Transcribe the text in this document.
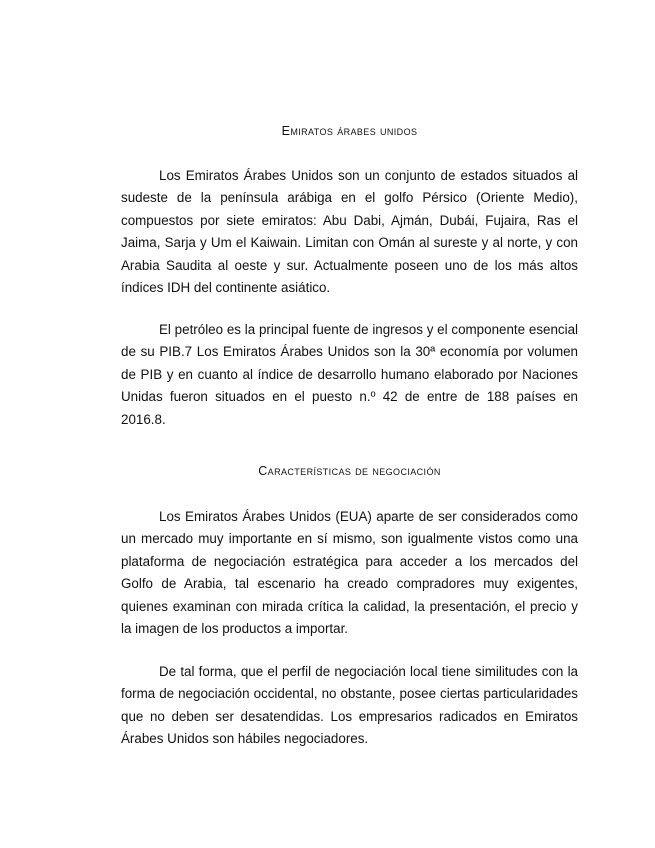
Emiratos árabes unidos

Los Emiratos Árabes Unidos son un conjunto de estados situados al sudeste de la península arábiga en el golfo Pérsico (Oriente Medio), compuestos por siete emiratos: Abu Dabi, Ajmán, Dubái, Fujaira, Ras el Jaima, Sarja y Um el Kaiwain. Limitan con Omán al sureste y al norte, y con Arabia Saudita al oeste y sur. Actualmente poseen uno de los más altos índices IDH del continente asiático.

El petróleo es la principal fuente de ingresos y el componente esencial de su PIB.7 Los Emiratos Árabes Unidos son la 30ª economía por volumen de PIB y en cuanto al índice de desarrollo humano elaborado por Naciones Unidas fueron situados en el puesto n.º 42 de entre de 188 países en 2016.8.

Características de negociación

Los Emiratos Árabes Unidos (EUA) aparte de ser considerados como un mercado muy importante en sí mismo, son igualmente vistos como una plataforma de negociación estratégica para acceder a los mercados del Golfo de Arabia, tal escenario ha creado compradores muy exigentes, quienes examinan con mirada crítica la calidad, la presentación, el precio y la imagen de los productos a importar.

De tal forma, que el perfil de negociación local tiene similitudes con la forma de negociación occidental, no obstante, posee ciertas particularidades que no deben ser desatendidas. Los empresarios radicados en Emiratos Árabes Unidos son hábiles negociadores.
